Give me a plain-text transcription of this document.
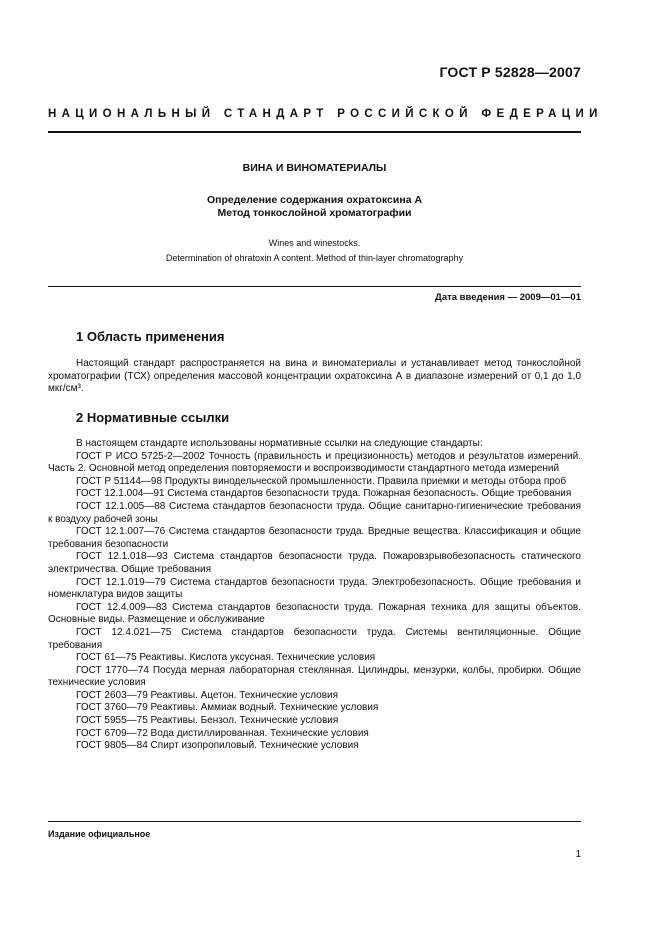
ГОСТ Р 52828—2007
НАЦИОНАЛЬНЫЙ СТАНДАРТ РОССИЙСКОЙ ФЕДЕРАЦИИ
ВИНА И ВИНОМАТЕРИАЛЫ
Определение содержания охратоксина А
Метод тонкослойной хроматографии
Wines and winestocks.
Determination of ohratoxin A content. Method of thin-layer chromatography
Дата введения — 2009—01—01
1 Область применения
Настоящий стандарт распространяется на вина и виноматериалы и устанавливает метод тонкослойной хроматографии (ТСХ) определения массовой концентрации охратоксина А в диапазоне измерений от 0,1 до 1,0 мкг/см³.
2 Нормативные ссылки

В настоящем стандарте использованы нормативные ссылки на следующие стандарты:

ГОСТ Р ИСО 5725-2—2002 Точность (правильность и прецизионность) методов и результатов измерений. Часть 2. Основной метод определения повторяемости и воспроизводимости стандартного метода измерений

ГОСТ Р 51144—98 Продукты винодельческой промышленности. Правила приемки и методы отбора проб

ГОСТ 12.1.004—91 Система стандартов безопасности труда. Пожарная безопасность. Общие требования

ГОСТ 12.1.005—88 Система стандартов безопасности труда. Общие санитарно-гигиенические требования к воздуху рабочей зоны

ГОСТ 12.1.007—76 Система стандартов безопасности труда. Вредные вещества. Классификация и общие требования безопасности

ГОСТ 12.1.018—93 Система стандартов безопасности труда. Пожаровзрывобезопасность статического электричества. Общие требования

ГОСТ 12.1.019—79 Система стандартов безопасности труда. Электробезопасность. Общие требования и номенклатура видов защиты

ГОСТ 12.4.009—83 Система стандартов безопасности труда. Пожарная техника для защиты объектов. Основные виды. Размещение и обслуживание

ГОСТ 12.4.021—75 Система стандартов безопасности труда. Системы вентиляционные. Общие требования

ГОСТ 61—75 Реактивы. Кислота уксусная. Технические условия

ГОСТ 1770—74 Посуда мерная лабораторная стеклянная. Цилиндры, мензурки, колбы, пробирки. Общие технические условия

ГОСТ 2603—79 Реактивы. Ацетон. Технические условия

ГОСТ 3760—79 Реактивы. Аммиак водный. Технические условия

ГОСТ 5955—75 Реактивы. Бензол. Технические условия

ГОСТ 6709—72 Вода дистиллированная. Технические условия

ГОСТ 9805—84 Спирт изопропиловый. Технические условия

Издание официальное
1
